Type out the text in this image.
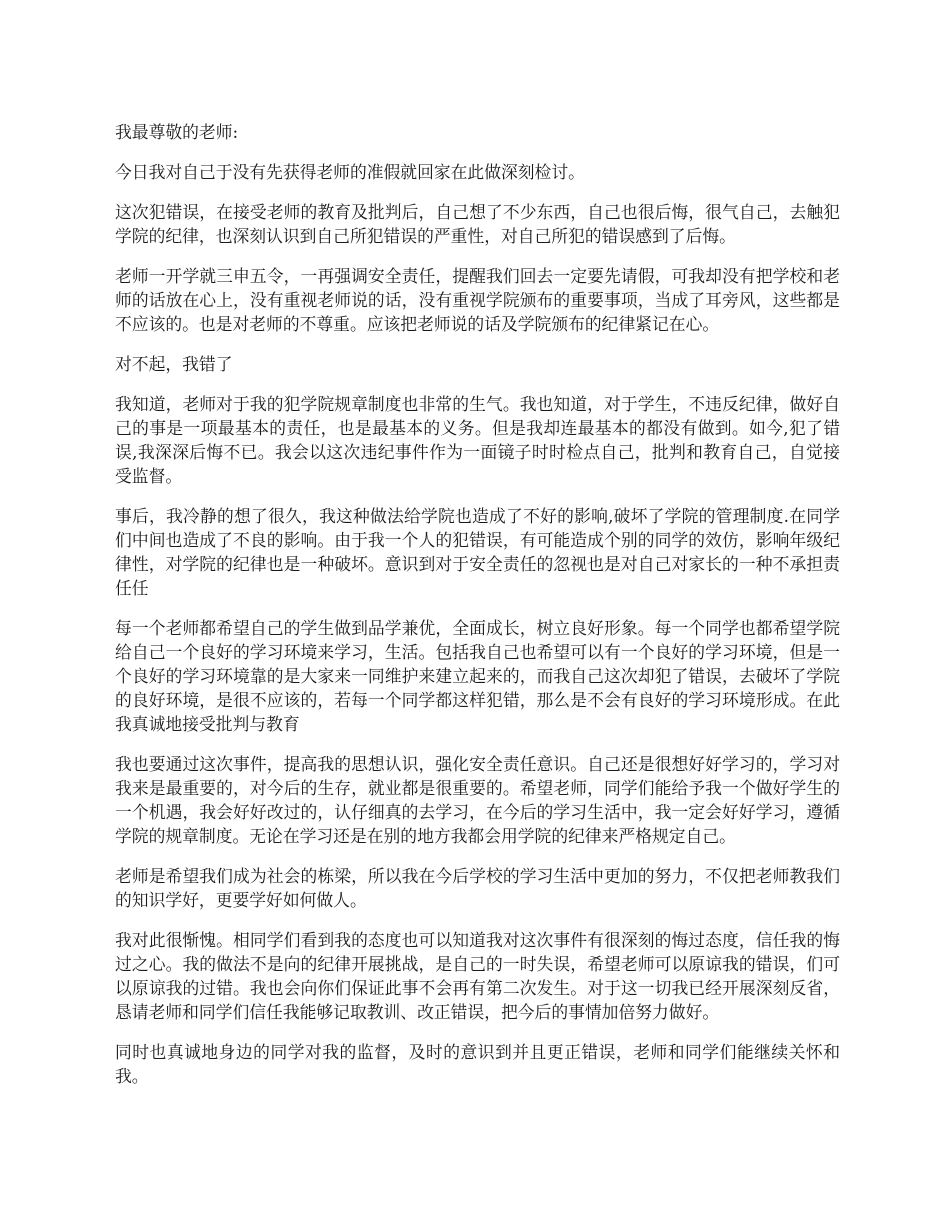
我最尊敬的老师:

今日我对自己于没有先获得老师的准假就回家在此做深刻检讨。

这次犯错误，在接受老师的教育及批判后，自己想了不少东西，自己也很后悔，很气自己，去触犯学院的纪律，也深刻认识到自己所犯错误的严重性，对自己所犯的错误感到了后悔。

老师一开学就三申五令，一再强调安全责任，提醒我们回去一定要先请假，可我却没有把学校和老师的话放在心上，没有重视老师说的话，没有重视学院颁布的重要事项，当成了耳旁风，这些都是不应该的。也是对老师的不尊重。应该把老师说的话及学院颁布的纪律紧记在心。

对不起，我错了

我知道，老师对于我的犯学院规章制度也非常的生气。我也知道，对于学生，不违反纪律，做好自己的事是一项最基本的责任，也是最基本的义务。但是我却连最基本的都没有做到。如今,犯了错误,我深深后悔不已。我会以这次违纪事件作为一面镜子时时检点自己，批判和教育自己，自觉接受监督。

事后，我冷静的想了很久，我这种做法给学院也造成了不好的影响,破坏了学院的管理制度.在同学们中间也造成了不良的影响。由于我一个人的犯错误，有可能造成个别的同学的效仿，影响年级纪律性，对学院的纪律也是一种破坏。意识到对于安全责任的忽视也是对自己对家长的一种不承担责任任

每一个老师都希望自己的学生做到品学兼优，全面成长，树立良好形象。每一个同学也都希望学院给自己一个良好的学习环境来学习，生活。包括我自己也希望可以有一个良好的学习环境，但是一个良好的学习环境靠的是大家来一同维护来建立起来的，而我自己这次却犯了错误，去破坏了学院的良好环境，是很不应该的，若每一个同学都这样犯错，那么是不会有良好的学习环境形成。在此我真诚地接受批判与教育

我也要通过这次事件，提高我的思想认识，强化安全责任意识。自己还是很想好好学习的，学习对我来是最重要的，对今后的生存，就业都是很重要的。希望老师，同学们能给予我一个做好学生的一个机遇，我会好好改过的，认仔细真的去学习，在今后的学习生活中，我一定会好好学习，遵循学院的规章制度。无论在学习还是在别的地方我都会用学院的纪律来严格规定自己。

老师是希望我们成为社会的栋梁，所以我在今后学校的学习生活中更加的努力，不仅把老师教我们的知识学好，更要学好如何做人。

我对此很惭愧。相同学们看到我的态度也可以知道我对这次事件有很深刻的悔过态度，信任我的悔过之心。我的做法不是向的纪律开展挑战，是自己的一时失误，希望老师可以原谅我的错误，们可以原谅我的过错。我也会向你们保证此事不会再有第二次发生。对于这一切我已经开展深刻反省，恳请老师和同学们信任我能够记取教训、改正错误，把今后的事情加倍努力做好。

同时也真诚地身边的同学对我的监督，及时的意识到并且更正错误，老师和同学们能继续关怀和我。
